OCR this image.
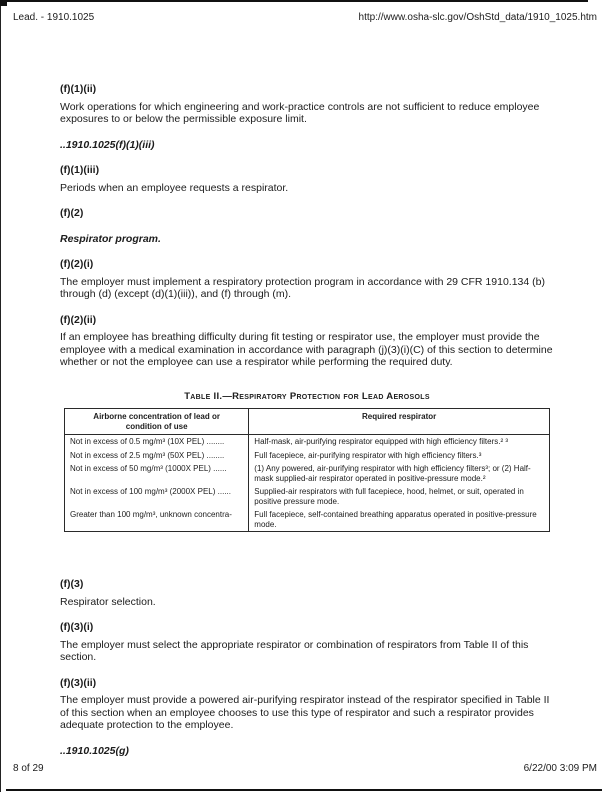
Lead. - 1910.1025	http://www.osha-slc.gov/OshStd_data/1910_1025.htm
(f)(1)(ii)

Work operations for which engineering and work-practice controls are not sufficient to reduce employee exposures to or below the permissible exposure limit.

..1910.1025(f)(1)(iii)
(f)(1)(iii)

Periods when an employee requests a respirator.

(f)(2)
Respirator program.
(f)(2)(i)

The employer must implement a respiratory protection program in accordance with 29 CFR 1910.134 (b) through (d) (except (d)(1)(iii)), and (f) through (m).

(f)(2)(ii)

If an employee has breathing difficulty during fit testing or respirator use, the employer must provide the employee with a medical examination in accordance with paragraph (j)(3)(i)(C) of this section to determine whether or not the employee can use a respirator while performing the required duty.

Table II.—Respiratory Protection for Lead Aerosols
Airborne concentration of lead or condition of use	Required respirator
Not in excess of 0.5 mg/m³ (10X PEL) ........	Half-mask, air-purifying respirator equipped with high efficiency filters.² ³
Not in excess of 2.5 mg/m³ (50X PEL) ........	Full facepiece, air-purifying respirator with high efficiency filters.³
Not in excess of 50 mg/m³ (1000X PEL) ......	(1) Any powered, air-purifying respirator with high efficiency filters³; or (2) Half-mask supplied-air respirator operated in positive-pressure mode.²
Not in excess of 100 mg/m³ (2000X PEL) ......	Supplied-air respirators with full facepiece, hood, helmet, or suit, operated in positive pressure mode.
Greater than 100 mg/m³, unknown concentra-	Full facepiece, self-contained breathing apparatus operated in positive-pressure mode.
(f)(3)

Respirator selection.

(f)(3)(i)

The employer must select the appropriate respirator or combination of respirators from Table II of this section.

(f)(3)(ii)

The employer must provide a powered air-purifying respirator instead of the respirator specified in Table II of this section when an employee chooses to use this type of respirator and such a respirator provides adequate protection to the employee.

..1910.1025(g)
8 of 29	6/22/00 3:09 PM
